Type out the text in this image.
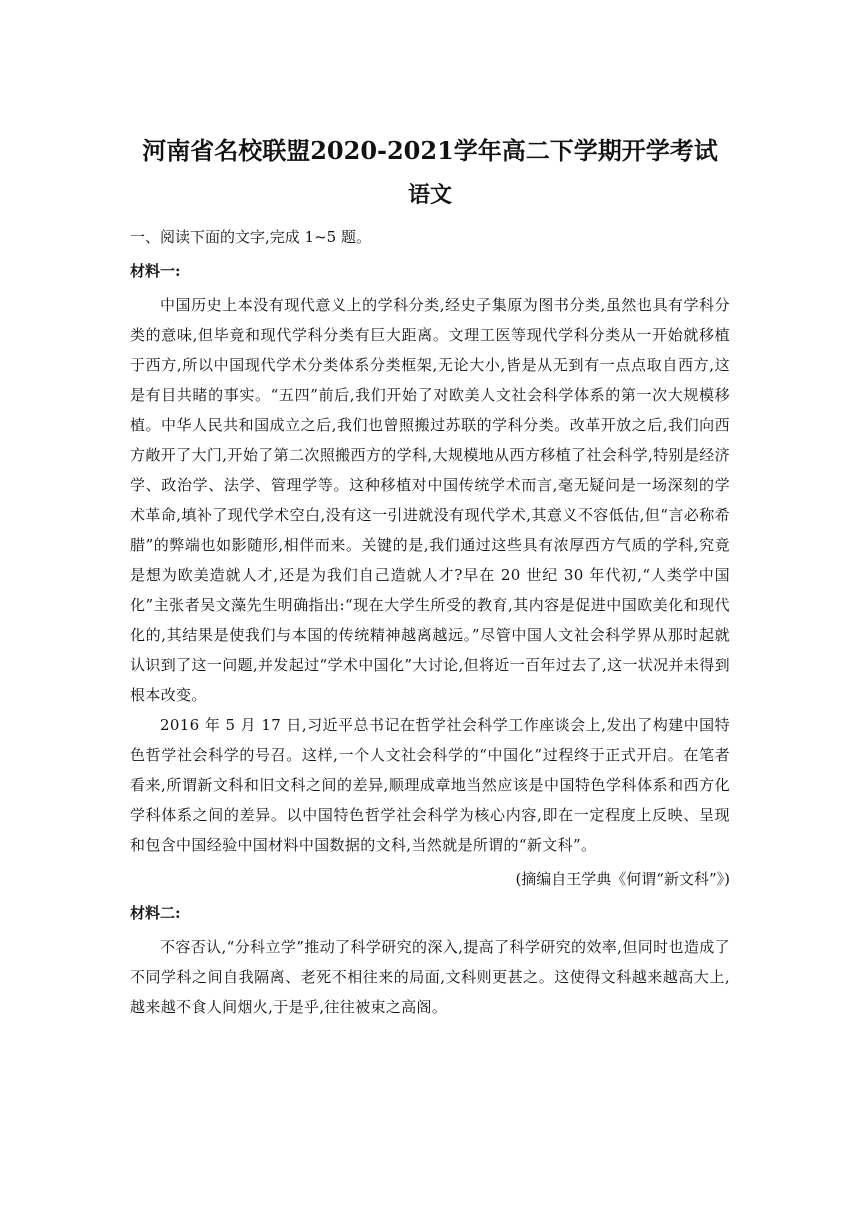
河南省名校联盟2020-2021学年高二下学期开学考试
语文

一、阅读下面的文字,完成 1~5 题。

材料一:

中国历史上本没有现代意义上的学科分类,经史子集原为图书分类,虽然也具有学科分类的意味,但毕竟和现代学科分类有巨大距离。文理工医等现代学科分类从一开始就移植于西方,所以中国现代学术分类体系分类框架,无论大小,皆是从无到有一点点取自西方,这是有目共睹的事实。“五四”前后,我们开始了对欧美人文社会科学体系的第一次大规模移植。中华人民共和国成立之后,我们也曾照搬过苏联的学科分类。改革开放之后,我们向西方敞开了大门,开始了第二次照搬西方的学科,大规模地从西方移植了社会科学,特别是经济学、政治学、法学、管理学等。这种移植对中国传统学术而言,毫无疑问是一场深刻的学术革命,填补了现代学术空白,没有这一引进就没有现代学术,其意义不容低估,但“言必称希腊”的弊端也如影随形,相伴而来。关键的是,我们通过这些具有浓厚西方气质的学科,究竟是想为欧美造就人才,还是为我们自己造就人才?早在 20 世纪 30 年代初,“人类学中国化”主张者吴文藻先生明确指出:“现在大学生所受的教育,其内容是促进中国欧美化和现代化的,其结果是使我们与本国的传统精神越离越远。”尽管中国人文社会科学界从那时起就认识到了这一问题,并发起过“学术中国化”大讨论,但将近一百年过去了,这一状况并未得到根本改变。

2016 年 5 月 17 日,习近平总书记在哲学社会科学工作座谈会上,发出了构建中国特色哲学社会科学的号召。这样,一个人文社会科学的“中国化”过程终于正式开启。在笔者看来,所谓新文科和旧文科之间的差异,顺理成章地当然应该是中国特色学科体系和西方化学科体系之间的差异。以中国特色哲学社会科学为核心内容,即在一定程度上反映、呈现和包含中国经验中国材料中国数据的文科,当然就是所谓的“新文科”。

(摘编自王学典《何谓“新文科”》)

材料二:

不容否认,“分科立学”推动了科学研究的深入,提高了科学研究的效率,但同时也造成了不同学科之间自我隔离、老死不相往来的局面,文科则更甚之。这使得文科越来越高大上,越来越不食人间烟火,于是乎,往往被束之高阁。
